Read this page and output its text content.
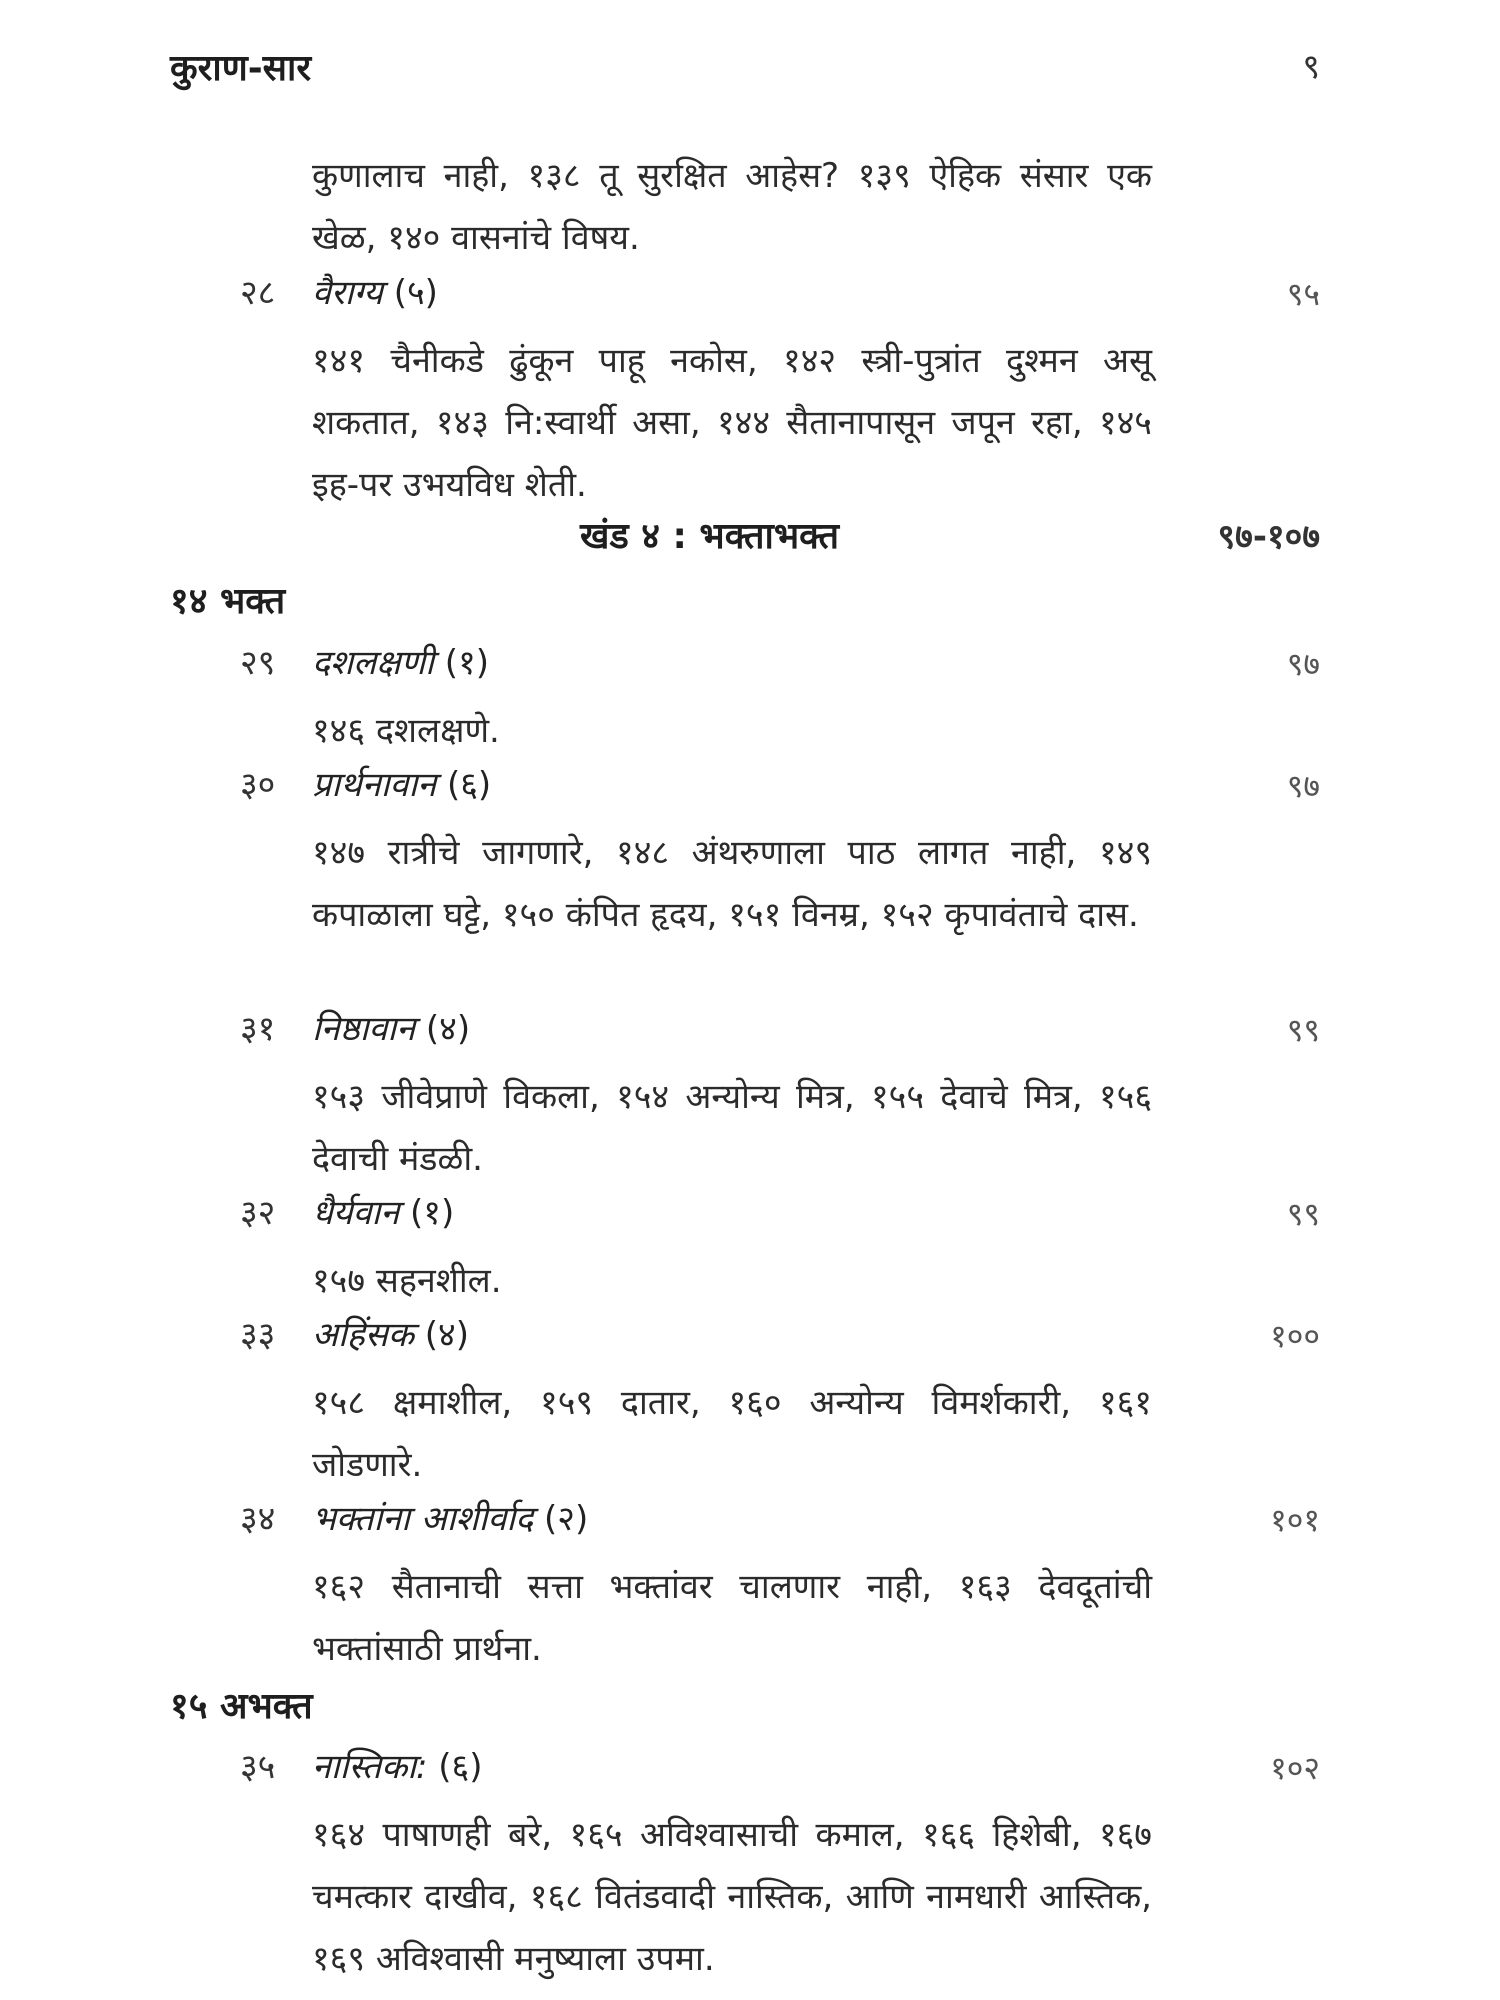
कुराण-सार	९
कुणालाच नाही, १३८ तू सुरक्षित आहेस? १३९ ऐहिक संसार एक खेळ, १४० वासनांचे विषय.
२८ वैराग्य (५)	९५
१४१ चैनीकडे ढुंकून पाहू नकोस, १४२ स्त्री-पुत्रांत दुश्मन असू शकतात, १४३ नि:स्वार्थी असा, १४४ सैतानापासून जपून रहा, १४५ इह-पर उभयविध शेती.
खंड ४ : भक्ताभक्त	९७-१०७
१४ भक्त
२९ दशलक्षणी (१)	९७
१४६ दशलक्षणे.
३० प्रार्थनावान (६)	९७
१४७ रात्रीचे जागणारे, १४८ अंथरुणाला पाठ लागत नाही, १४९ कपाळाला घट्टे, १५० कंपित हृदय, १५१ विनम्र, १५२ कृपावंताचे दास.
३१ निष्ठावान (४)	९९
१५३ जीवेप्राणे विकला, १५४ अन्योन्य मित्र, १५५ देवाचे मित्र, १५६ देवाची मंडळी.
३२ धैर्यवान (१)	९९
१५७ सहनशील.
३३ अहिंसक (४)	१००
१५८ क्षमाशील, १५९ दातार, १६० अन्योन्य विमर्शकारी, १६१ जोडणारे.
३४ भक्तांना आशीर्वाद (२)	१०१
१६२ सैतानाची सत्ता भक्तांवर चालणार नाही, १६३ देवदूतांची भक्तांसाठी प्रार्थना.
१५ अभक्त
३५ नास्तिका: (६)	१०२
१६४ पाषाणही बरे, १६५ अविश्वासाची कमाल, १६६ हिशेबी, १६७ चमत्कार दाखीव, १६८ वितंडवादी नास्तिक, आणि नामधारी आस्तिक, १६९ अविश्वासी मनुष्याला उपमा.
